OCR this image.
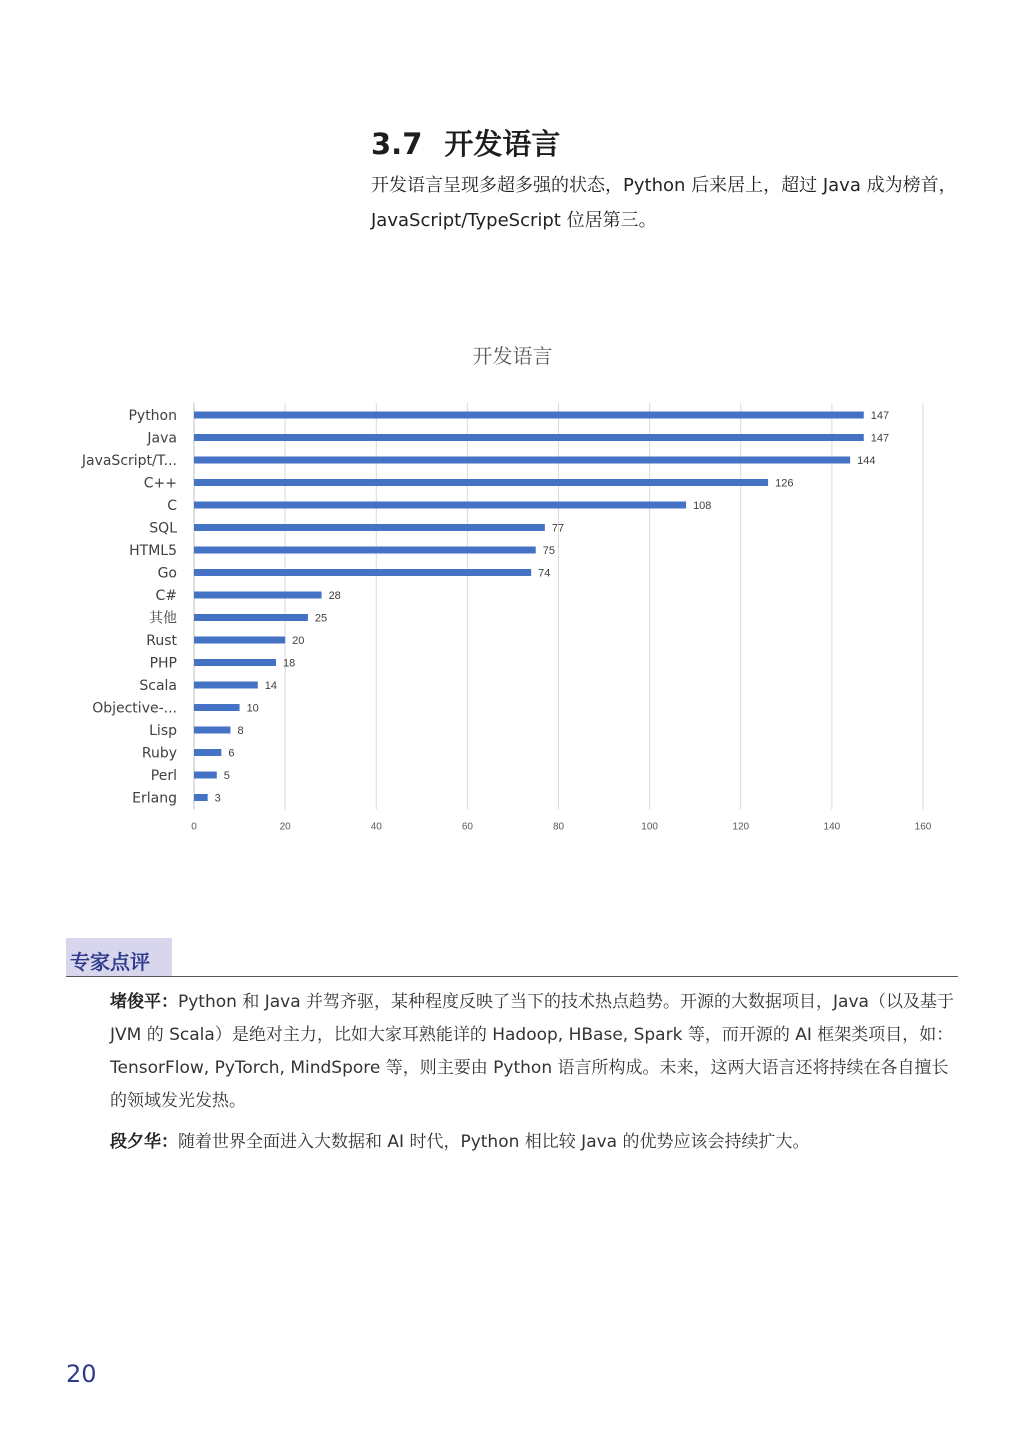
3.7 开发语言

开发语言呈现多超多强的状态，Python 后来居上，超过 Java 成为榜首，

JavaScript/TypeScript 位居第三。

开发语言
0	20	40	60	80	100	120	140	160
Python	147
Java	147
JavaScript/T...	144
C++	126
C	108
SQL	77
HTML5	75
Go	74
C#	28
其他	25
Rust	20
PHP	18
Scala	14
Objective-...	10
Lisp	8
Ruby	6
Perl	5
Erlang	3
专家点评

堵俊平：Python 和 Java 并驾齐驱，某种程度反映了当下的技术热点趋势。开源的大数据项目，Java（以及基于 JVM 的 Scala）是绝对主力，比如大家耳熟能详的 Hadoop, HBase, Spark 等，而开源的 AI 框架类项目，如：TensorFlow, PyTorch, MindSpore 等，则主要由 Python 语言所构成。未来，这两大语言还将持续在各自擅长的领域发光发热。

段夕华：随着世界全面进入大数据和 AI 时代，Python 相比较 Java 的优势应该会持续扩大。

20
